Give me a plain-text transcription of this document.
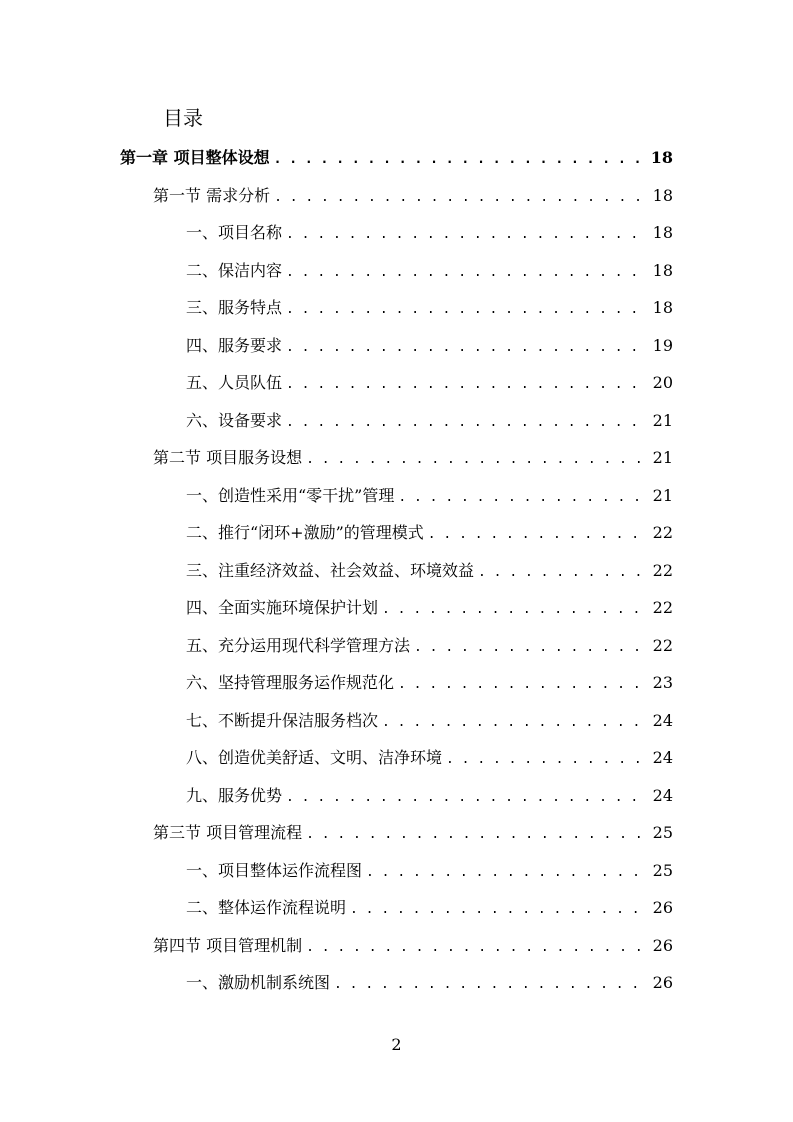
目录
第一章 项目整体设想 . . .	18
第一节 需求分析 . . .	18
一、项目名称 . . .	18
二、保洁内容 . . .	18
三、服务特点 . . .	18
四、服务要求 . . .	19
五、人员队伍 . . .	20
六、设备要求 . . .	21
第二节 项目服务设想 . . .	21
一、创造性采用“零干扰”管理 . . .	21
二、推行“闭环+激励”的管理模式 . . .	22
三、注重经济效益、社会效益、环境效益 . . .	22
四、全面实施环境保护计划 . . .	22
五、充分运用现代科学管理方法 . . .	22
六、坚持管理服务运作规范化 . . .	23
七、不断提升保洁服务档次 . . .	24
八、创造优美舒适、文明、洁净环境 . . .	24
九、服务优势 . . .	24
第三节 项目管理流程 . . .	25
一、项目整体运作流程图 . . .	25
二、整体运作流程说明 . . .	26
第四节 项目管理机制 . . .	26
一、激励机制系统图 . . .	26
2
